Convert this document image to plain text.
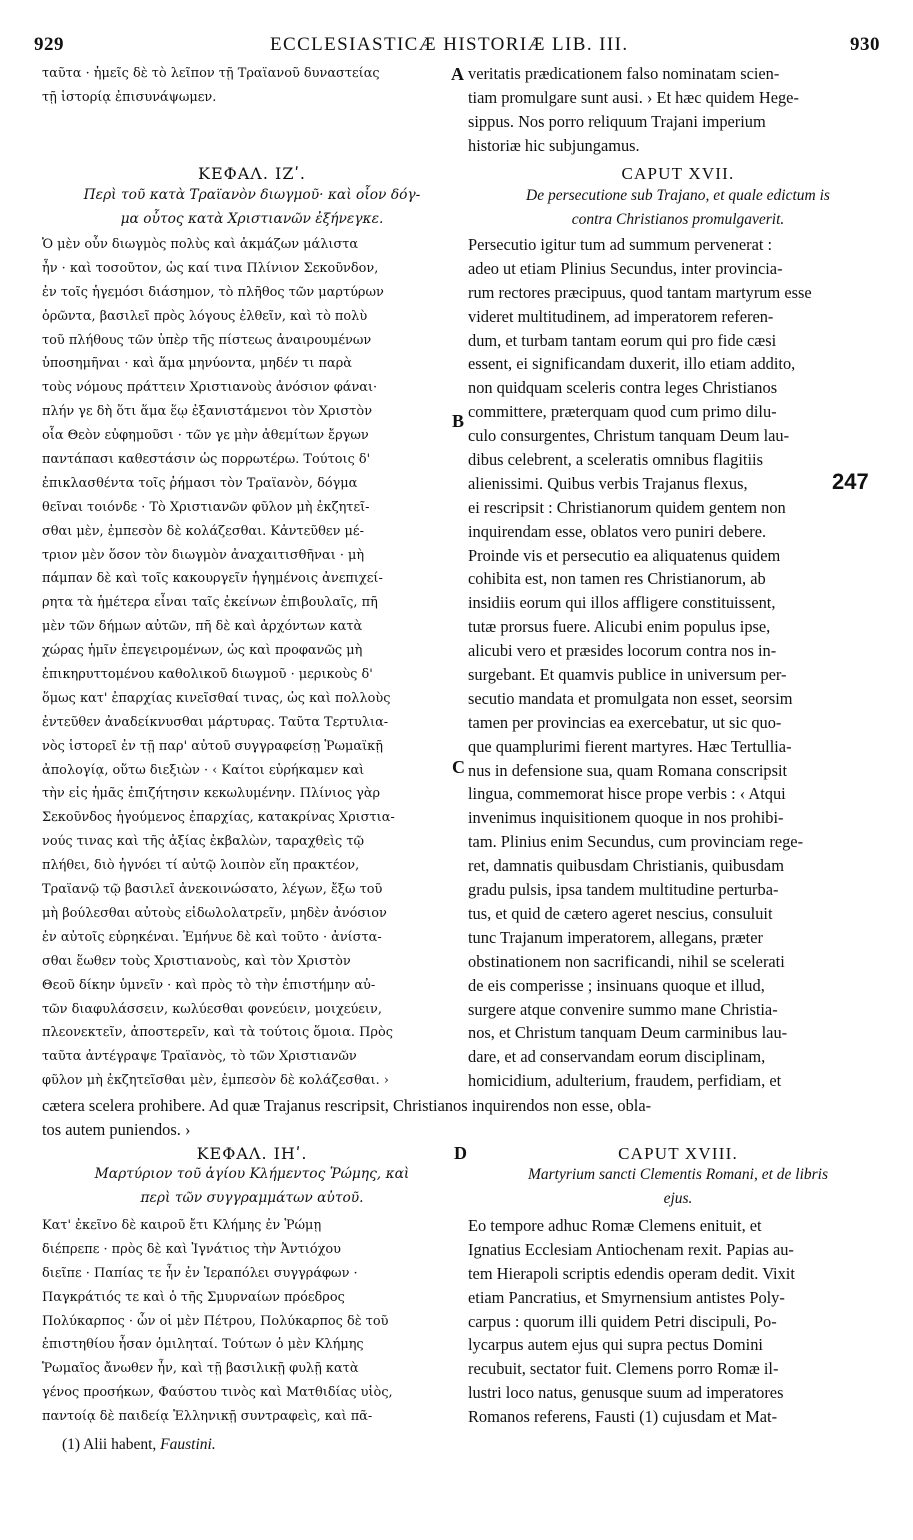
929	ECCLESIASTICÆ HISTORIÆ LIB. III.	930
ταῦτα · ἡμεῖς δὲ τὸ λεῖπον τῇ Τραϊανοῦ δυναστείας
τῇ ἱστορίᾳ ἐπισυνάψωμεν.
veritatis prædicationem falso nominatam scien-
tiam promulgare sunt ausi. › Et hæc quidem Hege-
sippus. Nos porro reliquum Trajani imperium
historiæ hic subjungamus.
A
B
C
D
ΚΕΦΑΛ. ΙΖʹ.	CAPUT XVII.
Περὶ τοῦ κατὰ Τραϊανὸν διωγμοῦ· καὶ οἷον δόγ-
μα οὗτος κατὰ Χριστιανῶν ἐξήνεγκε.
De persecutione sub Trajano, et quale edictum is
contra Christianos promulgaverit.
Ὁ μὲν οὖν διωγμὸς πολὺς καὶ ἀκμάζων μάλιστα
ἦν · καὶ τοσοῦτον, ὡς καί τινα Πλίνιον Σεκοῦνδον,
ἐν τοῖς ἡγεμόσι διάσημον, τὸ πλῆθος τῶν μαρτύρων
ὁρῶντα, βασιλεῖ πρὸς λόγους ἐλθεῖν, καὶ τὸ πολὺ
τοῦ πλήθους τῶν ὑπὲρ τῆς πίστεως ἀναιρουμένων
ὑποσημῆναι · καὶ ἅμα μηνύοντα, μηδέν τι παρὰ
τοὺς νόμους πράττειν Χριστιανοὺς ἀνόσιον φάναι·
πλήν γε δὴ ὅτι ἅμα ἕῳ ἐξανιστάμενοι τὸν Χριστὸν
οἷα Θεὸν εὐφημοῦσι · τῶν γε μὴν ἀθεμίτων ἔργων
παντάπασι καθεστάσιν ὡς πορρωτέρω. Τούτοις δ'
ἐπικλασθέντα τοῖς ῥήμασι τὸν Τραϊανὸν, δόγμα
θεῖναι τοιόνδε · Τὸ Χριστιανῶν φῦλον μὴ ἐκζητεῖ-
σθαι μὲν, ἐμπεσὸν δὲ κολάζεσθαι. Κἀντεῦθεν μέ-
τριον μὲν ὅσον τὸν διωγμὸν ἀναχαιτισθῆναι · μὴ
πάμπαν δὲ καὶ τοῖς κακουργεῖν ἡγημένοις ἀνεπιχεί-
ρητα τὰ ἡμέτερα εἶναι ταῖς ἐκείνων ἐπιβουλαῖς, πῆ
μὲν τῶν δήμων αὐτῶν, πῆ δὲ καὶ ἀρχόντων κατὰ
χώρας ἡμῖν ἐπεγειρομένων, ὡς καὶ προφανῶς μὴ
ἐπικηρυττομένου καθολικοῦ διωγμοῦ · μερικοὺς δ'
ὅμως κατ' ἐπαρχίας κινεῖσθαί τινας, ὡς καὶ πολλοὺς
ἐντεῦθεν ἀναδείκνυσθαι μάρτυρας. Ταῦτα Τερτυλια-
νὸς ἱστορεῖ ἐν τῇ παρ' αὐτοῦ συγγραφείσῃ Ῥωμαϊκῇ
ἀπολογίᾳ, οὕτω διεξιὼν · ‹ Καίτοι εὑρήκαμεν καὶ
τὴν εἰς ἡμᾶς ἐπιζήτησιν κεκωλυμένην. Πλίνιος γὰρ
Σεκοῦνδος ἡγούμενος ἐπαρχίας, κατακρίνας Χριστια-
νούς τινας καὶ τῆς ἀξίας ἐκβαλὼν, ταραχθεὶς τῷ
πλήθει, διὸ ἠγνόει τί αὐτῷ λοιπὸν εἴη πρακτέον,
Τραϊανῷ τῷ βασιλεῖ ἀνεκοινώσατο, λέγων, ἔξω τοῦ
μὴ βούλεσθαι αὐτοὺς εἰδωλολατρεῖν, μηδὲν ἀνόσιον
ἐν αὐτοῖς εὑρηκέναι. Ἐμήνυε δὲ καὶ τοῦτο · ἀνίστα-
σθαι ἕωθεν τοὺς Χριστιανοὺς, καὶ τὸν Χριστὸν
Θεοῦ δίκην ὑμνεῖν · καὶ πρὸς τὸ τὴν ἐπιστήμην αὐ-
τῶν διαφυλάσσειν, κωλύεσθαι φονεύειν, μοιχεύειν,
πλεονεκτεῖν, ἀποστερεῖν, καὶ τὰ τούτοις ὅμοια. Πρὸς
ταῦτα ἀντέγραψε Τραϊανὸς, τὸ τῶν Χριστιανῶν
φῦλον μὴ ἐκζητεῖσθαι μὲν, ἐμπεσὸν δὲ κολάζεσθαι. ›
Persecutio igitur tum ad summum pervenerat :
adeo ut etiam Plinius Secundus, inter provincia-
rum rectores præcipuus, quod tantam martyrum esse
videret multitudinem, ad imperatorem referen-
dum, et turbam tantam eorum qui pro fide cæsi
essent, ei significandam duxerit, illo etiam addito,
non quidquam sceleris contra leges Christianos
committere, præterquam quod cum primo dilu-
culo consurgentes, Christum tanquam Deum lau-
dibus celebrent, a sceleratis omnibus flagitiis
alienissimi. Quibus verbis Trajanus flexus,
ei rescripsit : Christianorum quidem gentem non
inquirendam esse, oblatos vero puniri debere.
Proinde vis et persecutio ea aliquatenus quidem
cohibita est, non tamen res Christianorum, ab
insidiis eorum qui illos affligere constituissent,
tutæ prorsus fuere. Alicubi enim populus ipse,
alicubi vero et præsides locorum contra nos in-
surgebant. Et quamvis publice in universum per-
secutio mandata et promulgata non esset, seorsim
tamen per provincias ea exercebatur, ut sic quo-
que quamplurimi fierent martyres. Hæc Tertullia-
nus in defensione sua, quam Romana conscripsit
lingua, commemorat hisce prope verbis : ‹ Atqui
invenimus inquisitionem quoque in nos prohibi-
tam. Plinius enim Secundus, cum provinciam rege-
ret, damnatis quibusdam Christianis, quibusdam
gradu pulsis, ipsa tandem multitudine perturba-
tus, et quid de cætero ageret nescius, consuluit
tunc Trajanum imperatorem, allegans, præter
obstinationem non sacrificandi, nihil se scelerati
de eis comperisse ; insinuans quoque et illud,
surgere atque convenire summo mane Christia-
nos, et Christum tanquam Deum carminibus lau-
dare, et ad conservandam eorum disciplinam,
homicidium, adulterium, fraudem, perfidiam, et
247
cætera scelera prohibere. Ad quæ Trajanus rescripsit, Christianos inquirendos non esse, obla-
tos autem puniendos. ›
ΚΕΦΑΛ. ΙΗʹ.	CAPUT XVIII.
Μαρτύριον τοῦ ἁγίου Κλήμεντος Ῥώμης, καὶ
περὶ τῶν συγγραμμάτων αὐτοῦ.
Martyrium sancti Clementis Romani, et de libris
ejus.
Κατ' ἐκεῖνο δὲ καιροῦ ἔτι Κλήμης ἐν Ῥώμῃ
διέπρεπε · πρὸς δὲ καὶ Ἰγνάτιος τὴν Ἀντιόχου
διεῖπε · Παπίας τε ἦν ἐν Ἱεραπόλει συγγράφων ·
Παγκράτιός τε καὶ ὁ τῆς Σμυρναίων πρόεδρος
Πολύκαρπος · ὧν οἱ μὲν Πέτρου, Πολύκαρπος δὲ τοῦ
ἐπιστηθίου ἦσαν ὁμιληταί. Τούτων ὁ μὲν Κλήμης
Ῥωμαῖος ἄνωθεν ἦν, καὶ τῇ βασιλικῇ φυλῇ κατὰ
γένος προσήκων, Φαύστου τινὸς καὶ Ματθιδίας υἱὸς,
παντοίᾳ δὲ παιδείᾳ Ἑλληνικῇ συντραφεὶς, καὶ πᾶ-
Eo tempore adhuc Romæ Clemens enituit, et
Ignatius Ecclesiam Antiochenam rexit. Papias au-
tem Hierapoli scriptis edendis operam dedit. Vixit
etiam Pancratius, et Smyrnensium antistes Poly-
carpus : quorum illi quidem Petri discipuli, Po-
lycarpus autem ejus qui supra pectus Domini
recubuit, sectator fuit. Clemens porro Romæ il-
lustri loco natus, genusque suum ad imperatores
Romanos referens, Fausti (1) cujusdam et Mat-
(1) Alii habent, Faustini.
